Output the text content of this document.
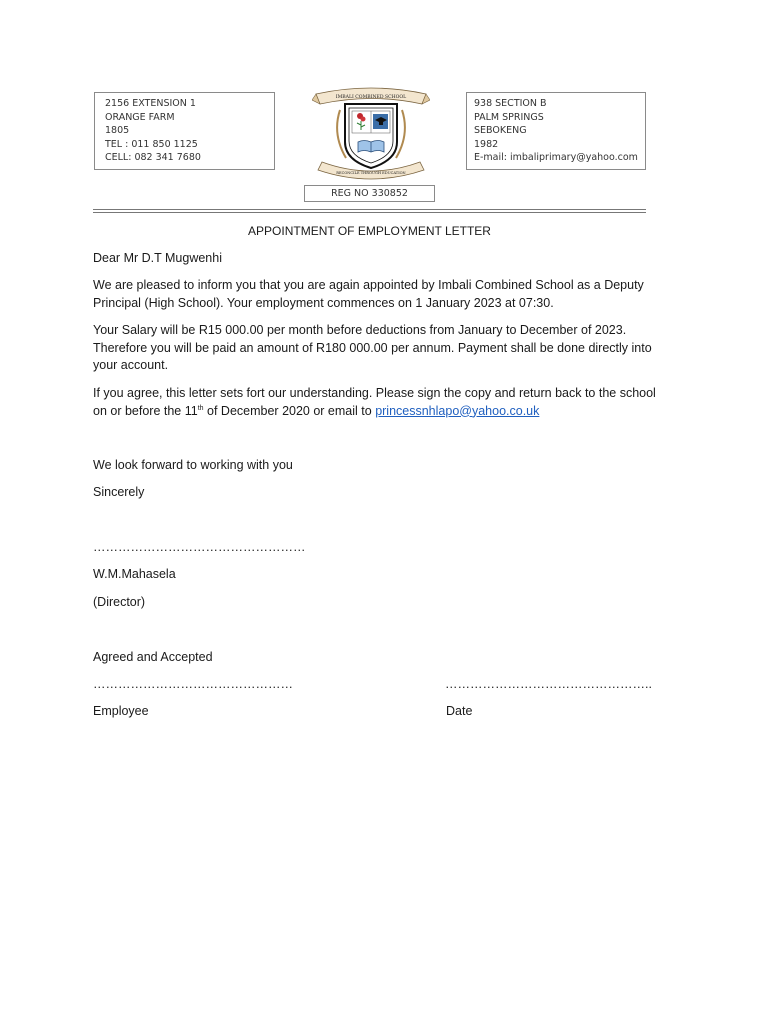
2156 EXTENSION 1
ORANGE FARM
1805
TEL : 011 850 1125
CELL: 082 341 7680
IMBALI COMBINED SCHOOL
RECONCILE THROUGH EDUCATION
938 SECTION B
PALM SPRINGS
SEBOKENG
1982
E-mail: imbaliprimary@yahoo.com
REG NO 330852
APPOINTMENT OF EMPLOYMENT LETTER
Dear Mr D.T Mugwenhi
We are pleased to inform you that you are again appointed by Imbali Combined School as a Deputy Principal (High School). Your employment commences on 1 January 2023 at 07:30.
Your Salary will be R15 000.00 per month before deductions from January to December of 2023. Therefore you will be paid an amount of R180 000.00 per annum. Payment shall be done directly into your account.
If you agree, this letter sets fort our understanding. Please sign the copy and return back to the school on or before the 11th of December 2020 or email to princessnhlapo@yahoo.co.uk
We look forward to working with you
Sincerely
……………………………………………
W.M.Mahasela
(Director)
Agreed and Accepted
…………………………………………	…………………………………………..
Employee	Date
